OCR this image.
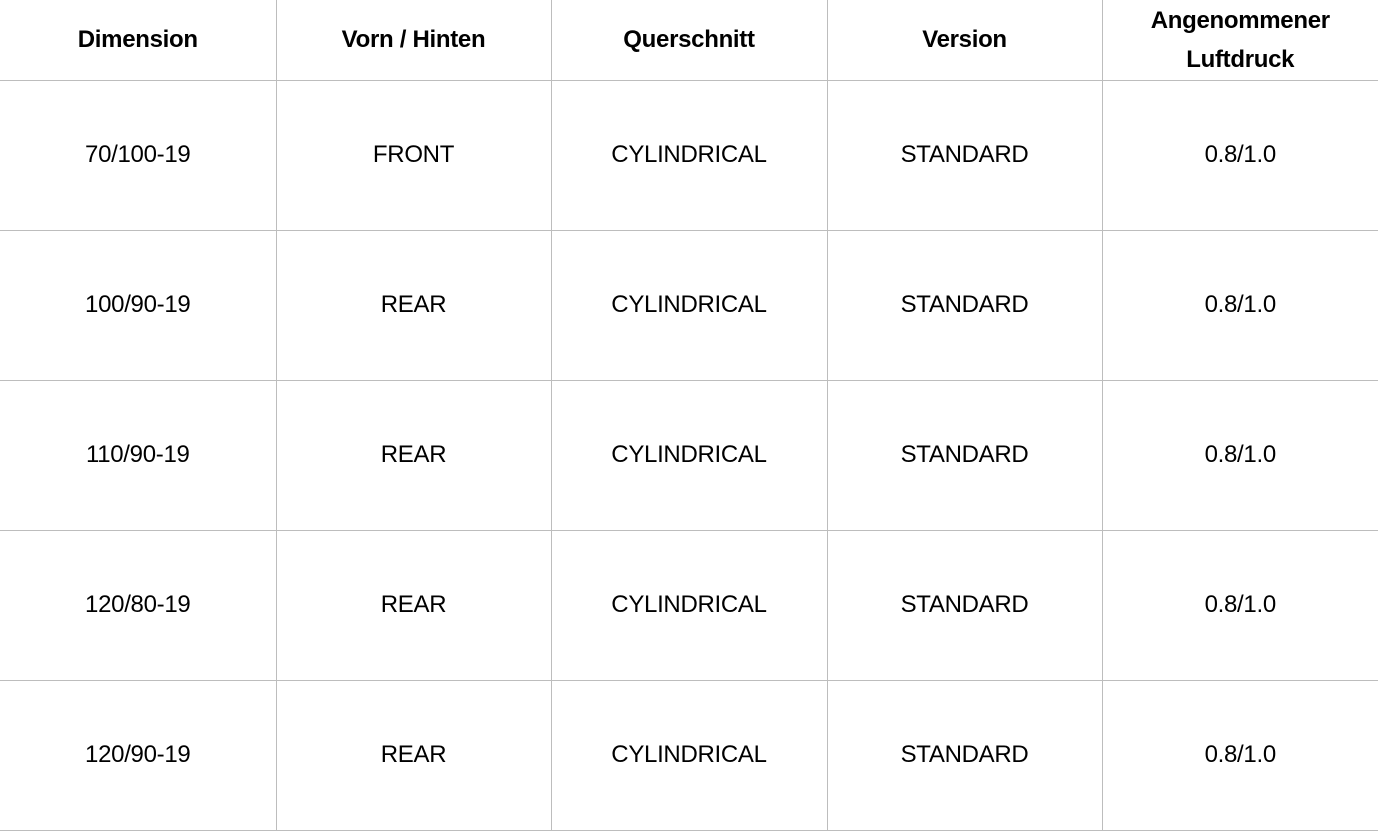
Dimension	Vorn / Hinten	Querschnitt	Version	Angenommener
Luftdruck

70/100-19	FRONT	CYLINDRICAL	STANDARD	0.8/1.0
100/90-19	REAR	CYLINDRICAL	STANDARD	0.8/1.0
110/90-19	REAR	CYLINDRICAL	STANDARD	0.8/1.0
120/80-19	REAR	CYLINDRICAL	STANDARD	0.8/1.0
120/90-19	REAR	CYLINDRICAL	STANDARD	0.8/1.0
